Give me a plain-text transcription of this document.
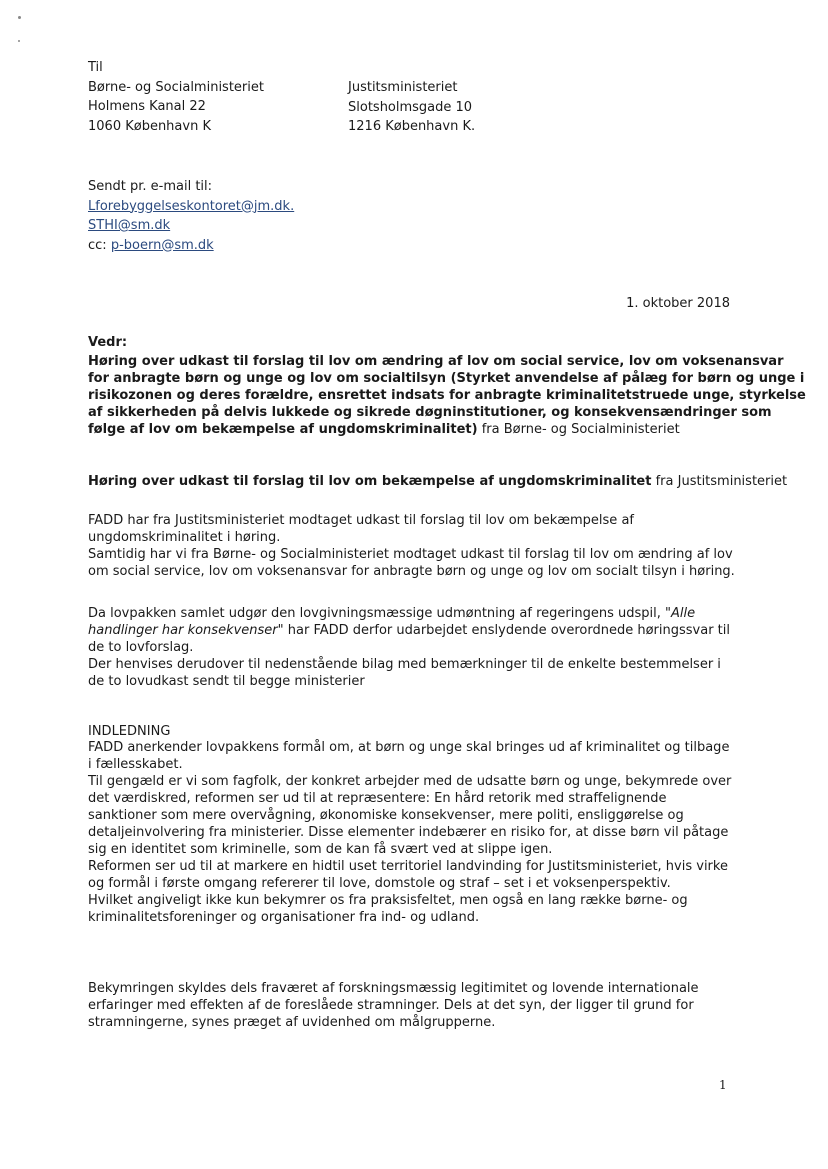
Til
Børne- og Socialministeriet
Holmens Kanal 22
1060 København K
Justitsministeriet
Slotsholmsgade 10
1216 København K.
Sendt pr. e-mail til:
Lforebyggelseskontoret@jm.dk.
STHI@sm.dk
cc: p-boern@sm.dk
1. oktober 2018
Vedr:
Høring over udkast til forslag til lov om ændring af lov om social service, lov om voksenansvar
for anbragte børn og unge og lov om socialtilsyn (Styrket anvendelse af pålæg for børn og unge i
risikozonen og deres forældre, ensrettet indsats for anbragte kriminalitetstruede unge, styrkelse
af sikkerheden på delvis lukkede og sikrede døgninstitutioner, og konsekvensændringer som
følge af lov om bekæmpelse af ungdomskriminalitet) fra Børne- og Socialministeriet
Høring over udkast til forslag til lov om bekæmpelse af ungdomskriminalitet fra Justitsministeriet
FADD har fra Justitsministeriet modtaget udkast til forslag til lov om bekæmpelse af
ungdomskriminalitet i høring.
Samtidig har vi fra Børne- og Socialministeriet modtaget udkast til forslag til lov om ændring af lov
om social service, lov om voksenansvar for anbragte børn og unge og lov om socialt tilsyn i høring.
Da lovpakken samlet udgør den lovgivningsmæssige udmøntning af regeringens udspil, "Alle
handlinger har konsekvenser" har FADD derfor udarbejdet enslydende overordnede høringssvar til
de to lovforslag.
Der henvises derudover til nedenstående bilag med bemærkninger til de enkelte bestemmelser i
de to lovudkast sendt til begge ministerier
INDLEDNING
FADD anerkender lovpakkens formål om, at børn og unge skal bringes ud af kriminalitet og tilbage
i fællesskabet.
Til gengæld er vi som fagfolk, der konkret arbejder med de udsatte børn og unge, bekymrede over
det værdiskred, reformen ser ud til at repræsentere: En hård retorik med straffelignende
sanktioner som mere overvågning, økonomiske konsekvenser, mere politi, ensliggørelse og
detaljeinvolvering fra ministerier. Disse elementer indebærer en risiko for, at disse børn vil påtage
sig en identitet som kriminelle, som de kan få svært ved at slippe igen.
Reformen ser ud til at markere en hidtil uset territoriel landvinding for Justitsministeriet, hvis virke
og formål i første omgang refererer til love, domstole og straf – set i et voksenperspektiv.
Hvilket angiveligt ikke kun bekymrer os fra praksisfeltet, men også en lang række børne- og
kriminalitetsforeninger og organisationer fra ind- og udland.
Bekymringen skyldes dels fraværet af forskningsmæssig legitimitet og lovende internationale
erfaringer med effekten af de foreslåede stramninger. Dels at det syn, der ligger til grund for
stramningerne, synes præget af uvidenhed om målgrupperne.
1
